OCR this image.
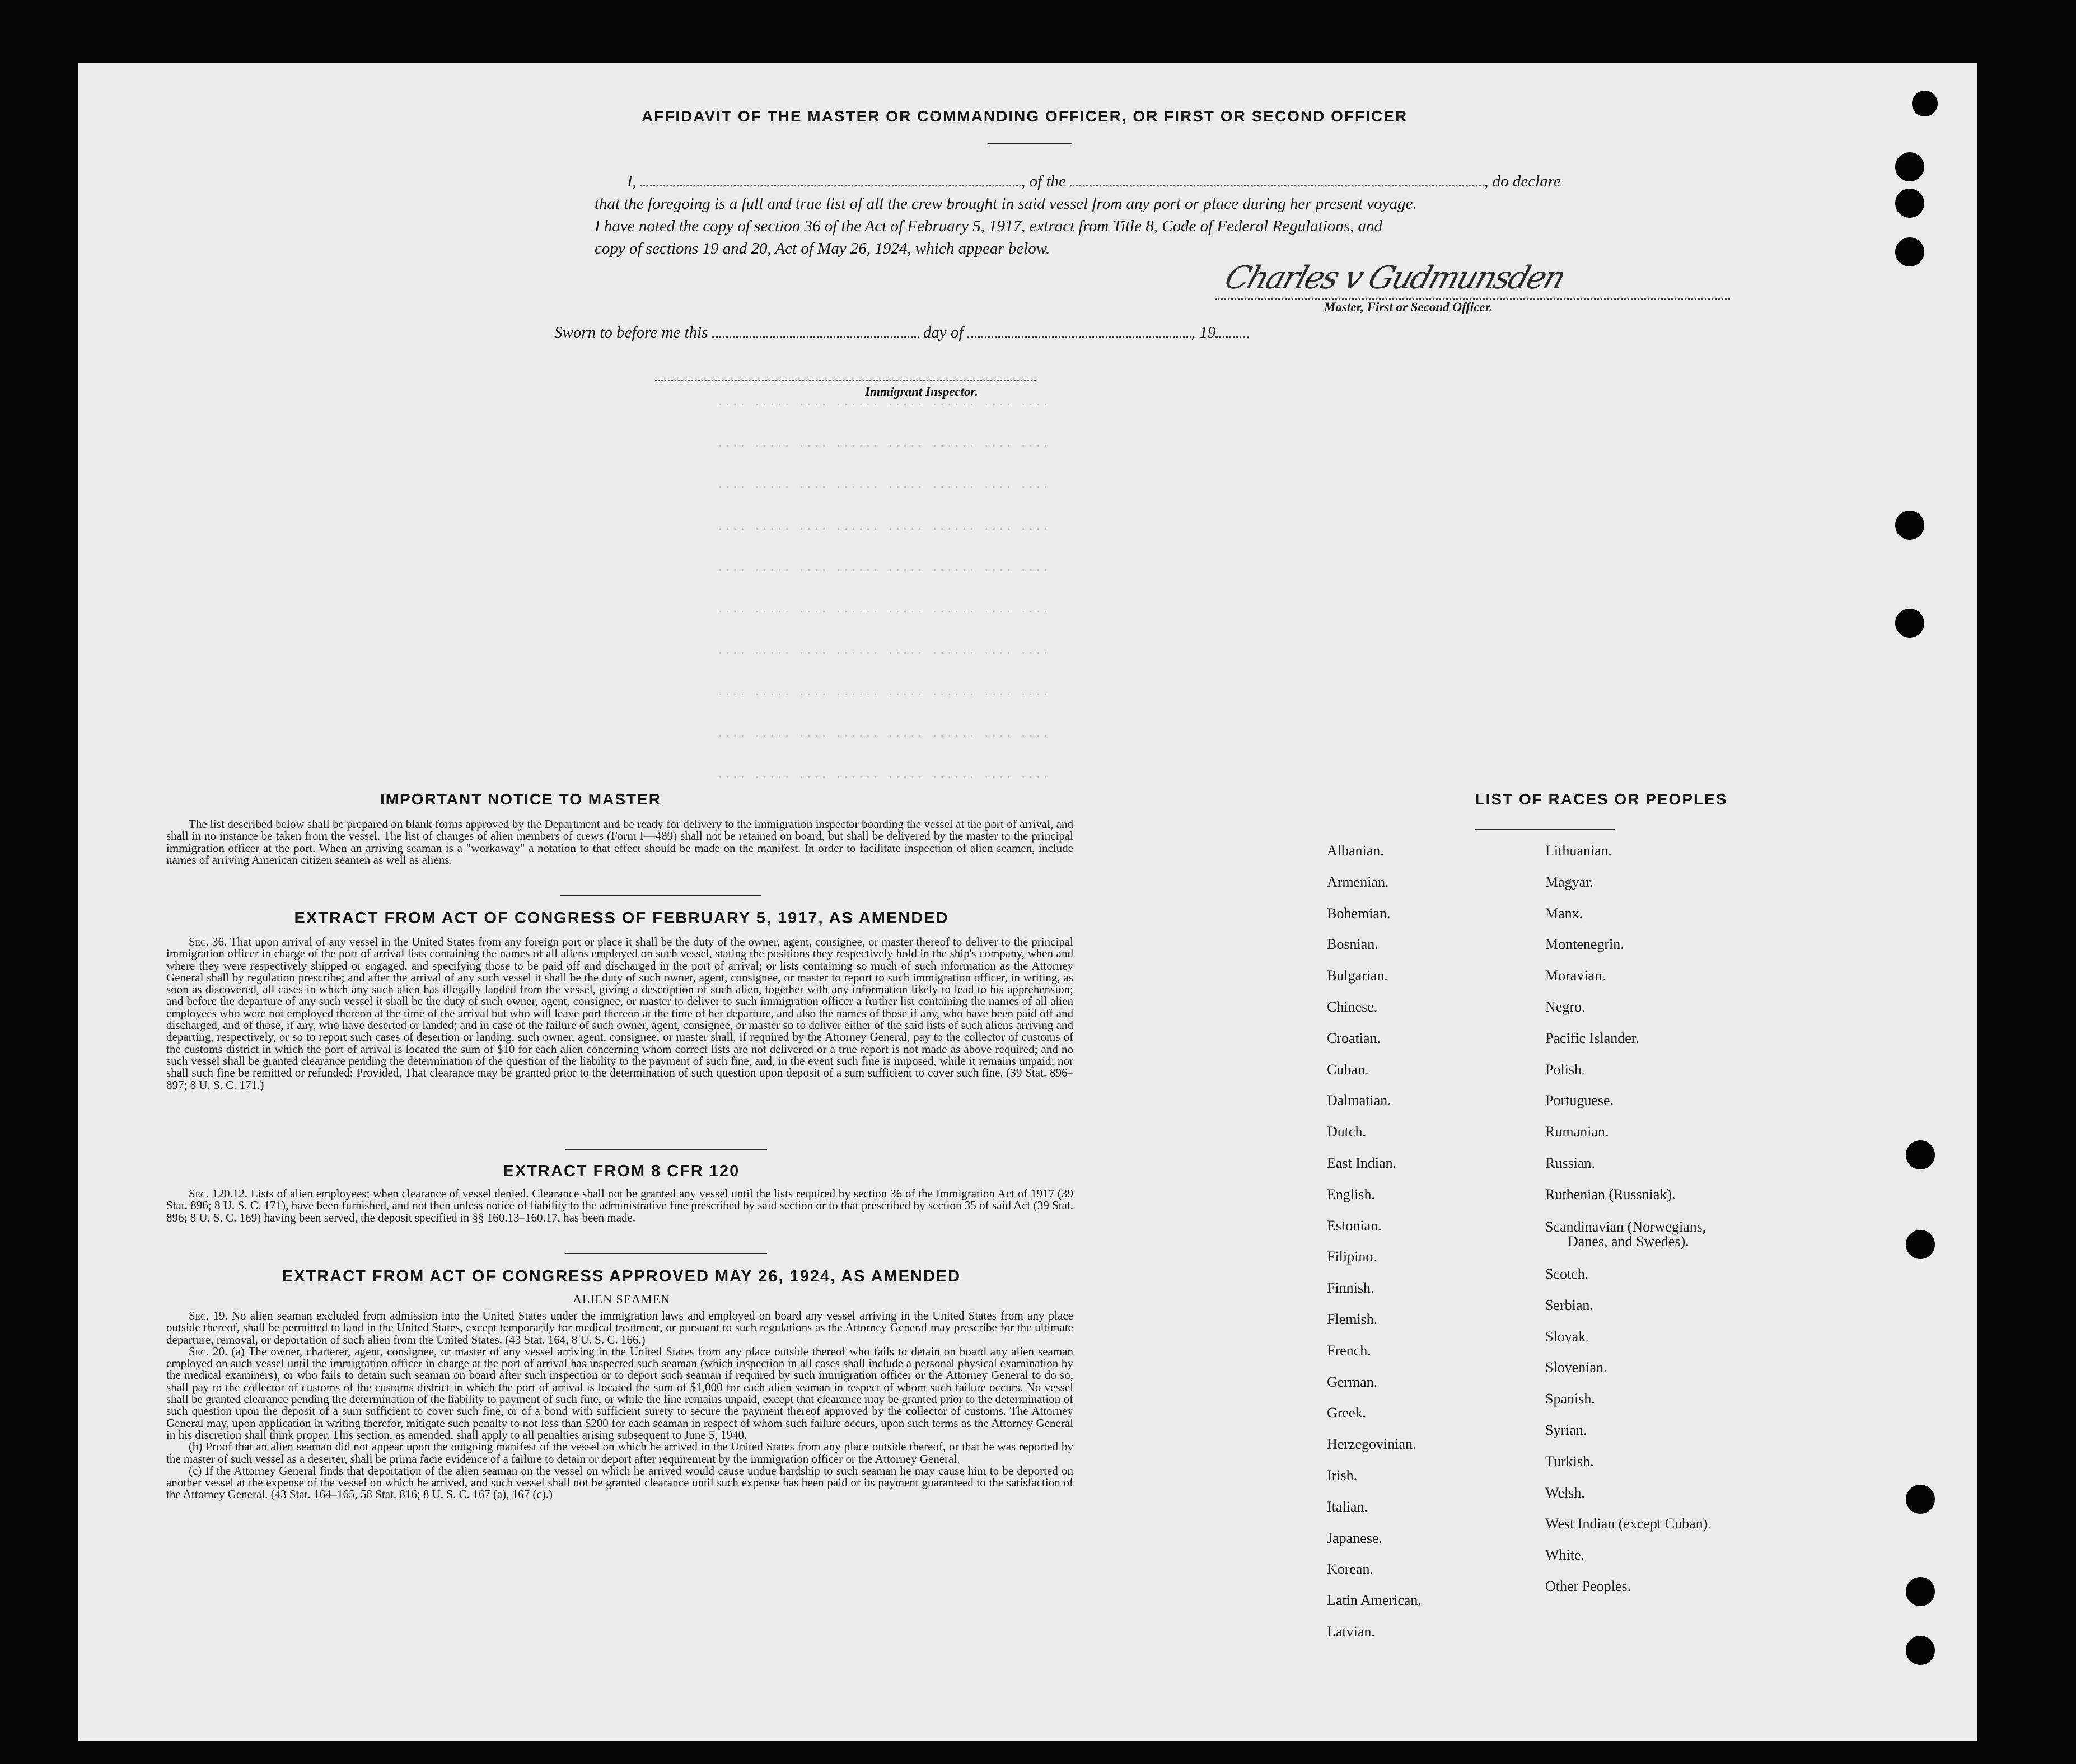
.... ..... .... ...... ..... ...... .... ....
.... ..... .... ...... ..... ...... .... ....
.... ..... .... ...... ..... ...... .... ....
.... ..... .... ...... ..... ...... .... ....
.... ..... .... ...... ..... ...... .... ....
.... ..... .... ...... ..... ...... .... ....
.... ..... .... ...... ..... ...... .... ....
.... ..... .... ...... ..... ...... .... ....
.... ..... .... ...... ..... ...... .... ....
.... ..... .... ...... ..... ...... .... ....
AFFIDAVIT OF THE MASTER OR COMMANDING OFFICER, OR FIRST OR SECOND OFFICER
I,	, of the	, do declare
that the foregoing is a full and true list of all the crew brought in said vessel from any port or place during her present voyage.
I have noted the copy of section 36 of the Act of February 5, 1917, extract from Title 8, Code of Federal Regulations, and
copy of sections 19 and 20, Act of May 26, 1924, which appear below.
Charles v Gudmunsden
Master, First or Second Officer.
Sworn to before me this	day of	, 19
Immigrant Inspector.
IMPORTANT NOTICE TO MASTER

The list described below shall be prepared on blank forms approved by the Department and be ready for delivery to the immigration inspector boarding the vessel at the port of arrival, and shall in no instance be taken from the vessel. The list of changes of alien members of crews (Form I—489) shall not be retained on board, but shall be delivered by the master to the principal immigration officer at the port. When an arriving seaman is a "workaway" a notation to that effect should be made on the manifest. In order to facilitate inspection of alien seamen, include names of arriving American citizen seamen as well as aliens.

EXTRACT FROM ACT OF CONGRESS OF FEBRUARY 5, 1917, AS AMENDED

Sec. 36. That upon arrival of any vessel in the United States from any foreign port or place it shall be the duty of the owner, agent, consignee, or master thereof to deliver to the principal immigration officer in charge of the port of arrival lists containing the names of all aliens employed on such vessel, stating the positions they respectively hold in the ship's company, when and where they were respectively shipped or engaged, and specifying those to be paid off and discharged in the port of arrival; or lists containing so much of such information as the Attorney General shall by regulation prescribe; and after the arrival of any such vessel it shall be the duty of such owner, agent, consignee, or master to report to such immigration officer, in writing, as soon as discovered, all cases in which any such alien has illegally landed from the vessel, giving a description of such alien, together with any information likely to lead to his apprehension; and before the departure of any such vessel it shall be the duty of such owner, agent, consignee, or master to deliver to such immigration officer a further list containing the names of all alien employees who were not employed thereon at the time of the arrival but who will leave port thereon at the time of her departure, and also the names of those if any, who have been paid off and discharged, and of those, if any, who have deserted or landed; and in case of the failure of such owner, agent, consignee, or master so to deliver either of the said lists of such aliens arriving and departing, respectively, or so to report such cases of desertion or landing, such owner, agent, consignee, or master shall, if required by the Attorney General, pay to the collector of customs of the customs district in which the port of arrival is located the sum of $10 for each alien concerning whom correct lists are not delivered or a true report is not made as above required; and no such vessel shall be granted clearance pending the determination of the question of the liability to the payment of such fine, and, in the event such fine is imposed, while it remains unpaid; nor shall such fine be remitted or refunded: Provided, That clearance may be granted prior to the determination of such question upon deposit of a sum sufficient to cover such fine. (39 Stat. 896–897; 8 U. S. C. 171.)

EXTRACT FROM 8 CFR 120

Sec. 120.12. Lists of alien employees; when clearance of vessel denied. Clearance shall not be granted any vessel until the lists required by section 36 of the Immigration Act of 1917 (39 Stat. 896; 8 U. S. C. 171), have been furnished, and not then unless notice of liability to the administrative fine prescribed by said section or to that prescribed by section 35 of said Act (39 Stat. 896; 8 U. S. C. 169) having been served, the deposit specified in §§ 160.13–160.17, has been made.

EXTRACT FROM ACT OF CONGRESS APPROVED MAY 26, 1924, AS AMENDED
ALIEN SEAMEN

Sec. 19. No alien seaman excluded from admission into the United States under the immigration laws and employed on board any vessel arriving in the United States from any place outside thereof, shall be permitted to land in the United States, except temporarily for medical treatment, or pursuant to such regulations as the Attorney General may prescribe for the ultimate departure, removal, or deportation of such alien from the United States. (43 Stat. 164, 8 U. S. C. 166.)

Sec. 20. (a) The owner, charterer, agent, consignee, or master of any vessel arriving in the United States from any place outside thereof who fails to detain on board any alien seaman employed on such vessel until the immigration officer in charge at the port of arrival has inspected such seaman (which inspection in all cases shall include a personal physical examination by the medical examiners), or who fails to detain such seaman on board after such inspection or to deport such seaman if required by such immigration officer or the Attorney General to do so, shall pay to the collector of customs of the customs district in which the port of arrival is located the sum of $1,000 for each alien seaman in respect of whom such failure occurs. No vessel shall be granted clearance pending the determination of the liability to payment of such fine, or while the fine remains unpaid, except that clearance may be granted prior to the determination of such question upon the deposit of a sum sufficient to cover such fine, or of a bond with sufficient surety to secure the payment thereof approved by the collector of customs. The Attorney General may, upon application in writing therefor, mitigate such penalty to not less than $200 for each seaman in respect of whom such failure occurs, upon such terms as the Attorney General in his discretion shall think proper. This section, as amended, shall apply to all penalties arising subsequent to June 5, 1940.

(b) Proof that an alien seaman did not appear upon the outgoing manifest of the vessel on which he arrived in the United States from any place outside thereof, or that he was reported by the master of such vessel as a deserter, shall be prima facie evidence of a failure to detain or deport after requirement by the immigration officer or the Attorney General.

(c) If the Attorney General finds that deportation of the alien seaman on the vessel on which he arrived would cause undue hardship to such seaman he may cause him to be deported on another vessel at the expense of the vessel on which he arrived, and such vessel shall not be granted clearance until such expense has been paid or its payment guaranteed to the satisfaction of the Attorney General. (43 Stat. 164–165, 58 Stat. 816; 8 U. S. C. 167 (a), 167 (c).)

LIST OF RACES OR PEOPLES
Danes, and Swedes).
Albanian.
Armenian.
Bohemian.
Bosnian.
Bulgarian.
Chinese.
Croatian.
Cuban.
Dalmatian.
Dutch.
East Indian.
English.
Estonian.
Filipino.
Finnish.
Flemish.
French.
German.
Greek.
Herzegovinian.
Irish.
Italian.
Japanese.
Korean.
Latin American.
Latvian.
Lithuanian.
Magyar.
Manx.
Montenegrin.
Moravian.
Negro.
Pacific Islander.
Polish.
Portuguese.
Rumanian.
Russian.
Ruthenian (Russniak).
Scandinavian (Norwegians,
Scotch.
Serbian.
Slovak.
Slovenian.
Spanish.
Syrian.
Turkish.
Welsh.
West Indian (except Cuban).
White.
Other Peoples.
